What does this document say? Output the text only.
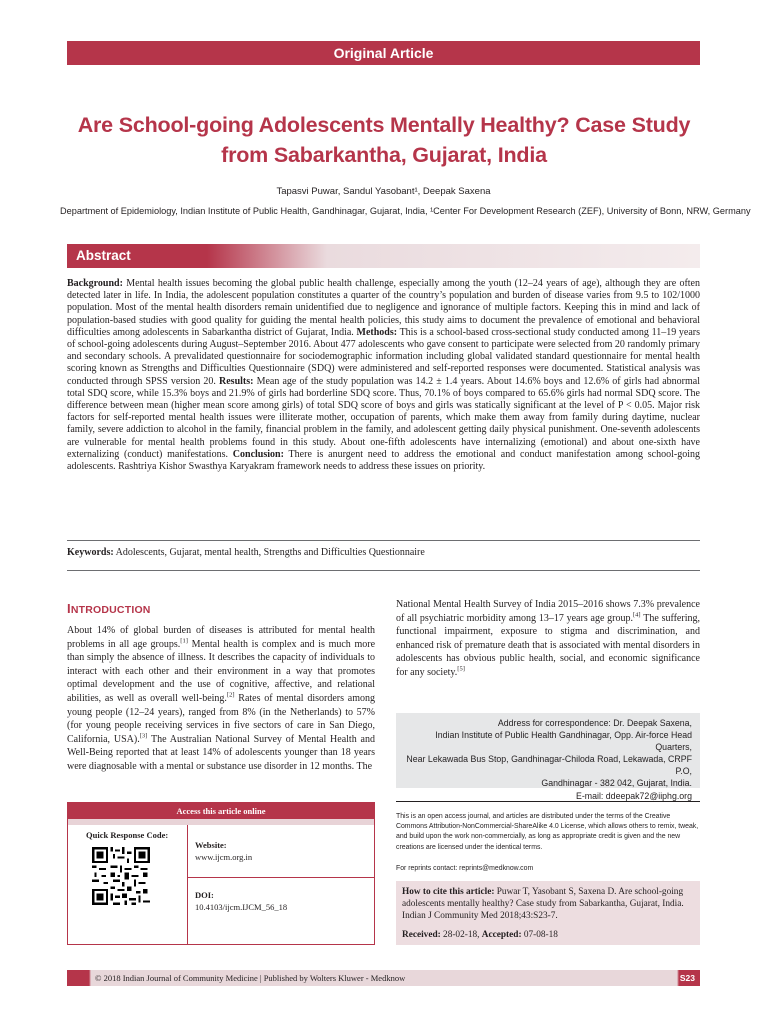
Original Article
Are School-going Adolescents Mentally Healthy? Case Study
from Sabarkantha, Gujarat, India
Tapasvi Puwar, Sandul Yasobant¹, Deepak Saxena
Department of Epidemiology, Indian Institute of Public Health, Gandhinagar, Gujarat, India, ¹Center For Development Research (ZEF), University of Bonn, NRW, Germany
Abstract
Background: Mental health issues becoming the global public health challenge, especially among the youth (12–24 years of age), although they are often detected later in life. In India, the adolescent population constitutes a quarter of the country’s population and burden of disease varies from 9.5 to 102/1000 population. Most of the mental health disorders remain unidentified due to negligence and ignorance of multiple factors. Keeping this in mind and lack of population-based studies with good quality for guiding the mental health policies, this study aims to document the prevalence of emotional and behavioral difficulties among adolescents in Sabarkantha district of Gujarat, India. Methods: This is a school-based cross-sectional study conducted among 11–19 years of school-going adolescents during August–September 2016. About 477 adolescents who gave consent to participate were selected from 20 randomly primary and secondary schools. A prevalidated questionnaire for sociodemographic information including global validated standard questionnaire for mental health scoring known as Strengths and Difficulties Questionnaire (SDQ) were administered and self-reported responses were documented. Statistical analysis was conducted through SPSS version 20. Results: Mean age of the study population was 14.2 ± 1.4 years. About 14.6% boys and 12.6% of girls had abnormal total SDQ score, while 15.3% boys and 21.9% of girls had borderline SDQ score. Thus, 70.1% of boys compared to 65.6% girls had normal SDQ score. The difference between mean (higher mean score among girls) of total SDQ score of boys and girls was statically significant at the level of P < 0.05. Major risk factors for self-reported mental health issues were illiterate mother, occupation of parents, which make them away from family during daytime, nuclear family, severe addiction to alcohol in the family, financial problem in the family, and adolescent getting daily physical punishment. One-seventh adolescents are vulnerable for mental health problems found in this study. About one-fifth adolescents have internalizing (emotional) and about one-sixth have externalizing (conduct) manifestations. Conclusion: There is anurgent need to address the emotional and conduct manifestation among school-going adolescents. Rashtriya Kishor Swasthya Karyakram framework needs to address these issues on priority.
Keywords: Adolescents, Gujarat, mental health, Strengths and Difficulties Questionnaire
INTRODUCTION
About 14% of global burden of diseases is attributed for mental health problems in all age groups.[1] Mental health is complex and is much more than simply the absence of illness. It describes the capacity of individuals to interact with each other and their environment in a way that promotes optimal development and the use of cognitive, affective, and relational abilities, as well as overall well-being.[2] Rates of mental disorders among young people (12–24 years), ranged from 8% (in the Netherlands) to 57% (for young people receiving services in five sectors of care in San Diego, California, USA).[3] The Australian National Survey of Mental Health and Well-Being reported that at least 14% of adolescents younger than 18 years were diagnosable with a mental or substance use disorder in 12 months. The
National Mental Health Survey of India 2015–2016 shows 7.3% prevalence of all psychiatric morbidity among 13–17 years age group.[4] The suffering, functional impairment, exposure to stigma and discrimination, and enhanced risk of premature death that is associated with mental disorders in adolescents has obvious public health, social, and economic significance for any society.[5]
Address for correspondence: Dr. Deepak Saxena,
Indian Institute of Public Health Gandhinagar, Opp. Air-force Head Quarters,
Near Lekawada Bus Stop, Gandhinagar-Chiloda Road, Lekawada, CRPF P.O,
Gandhinagar - 382 042, Gujarat, India.
E-mail: ddeepak72@iiphg.org
This is an open access journal, and articles are distributed under the terms of the Creative Commons Attribution-NonCommercial-ShareAlike 4.0 License, which allows others to remix, tweak, and build upon the work non-commercially, as long as appropriate credit is given and the new creations are licensed under the identical terms.
For reprints contact: reprints@medknow.com
Access this article online
Quick Response Code:
Website:
www.ijcm.org.in
DOI:
10.4103/ijcm.IJCM_56_18
How to cite this article: Puwar T, Yasobant S, Saxena D. Are school-going adolescents mentally healthy? Case study from Sabarkantha, Gujarat, India. Indian J Community Med 2018;43:S23-7.
Received: 28-02-18, Accepted: 07-08-18
© 2018 Indian Journal of Community Medicine | Published by Wolters Kluwer - Medknow	S23
